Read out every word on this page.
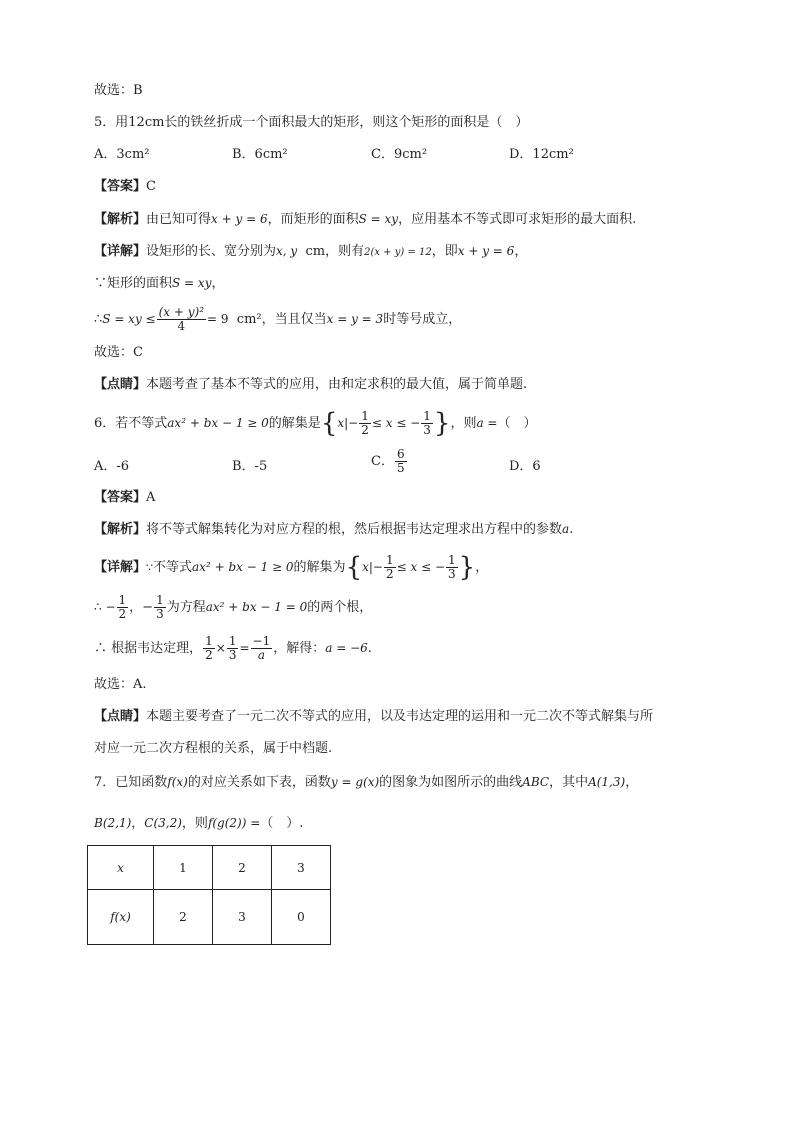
故选：B
5．用12cm长的铁丝折成一个面积最大的矩形，则这个矩形的面积是（　）
A．3cm²	B．6cm²	C．9cm²	D．12cm²
【答案】C
【解析】由已知可得x + y = 6，而矩形的面积S = xy，应用基本不等式即可求矩形的最大面积.
【详解】设矩形的长、宽分别为x, y cm，则有2(x + y) = 12，即x + y = 6，
∵矩形的面积S = xy，
∴S = xy ≤ $\frac{\text{(x + y)²}}{4} = 9$ cm²，当且仅当x = y = 3时等号成立，
故选：C
【点睛】本题考查了基本不等式的应用，由和定求积的最大值，属于简单题.
6．若不等式ax² + bx − 1 ≥ 0的解集是{$x|- \frac{1}{2} \le x$ ≤ − $\frac{1}{3}$ }，则a =（　）
A．-6	B．-5	C． $\frac{6}{5}$	D．6
【答案】A
【解析】将不等式解集转化为对应方程的根，然后根据韦达定理求出方程中的参数a.
【详解】∵不等式ax² + bx − 1 ≥ 0的解集为{$x|- \frac{1}{2} \le x$ ≤ − $\frac{1}{3}$ }，
∴ − $\frac{1}{2}$ ，− $\frac{1}{3}$ 为方程ax² + bx − 1 = 0的两个根，
∴ 根据韦达定理， $\frac{1}{2} \times \frac{1}{3} = \frac{-1}{a}$ ，解得：a = −6.
故选：A.
【点睛】本题主要考查了一元二次不等式的应用，以及韦达定理的运用和一元二次不等式解集与所
对应一元二次方程根的关系，属于中档题.
7．已知函数f(x)的对应关系如下表，函数y = g(x)的图象为如图所示的曲线ABC，其中A(1,3)，
B(2,1)，C(3,2)，则f(g(2)) =（　）.
x	1	2	3
f(x)	2	3	0
